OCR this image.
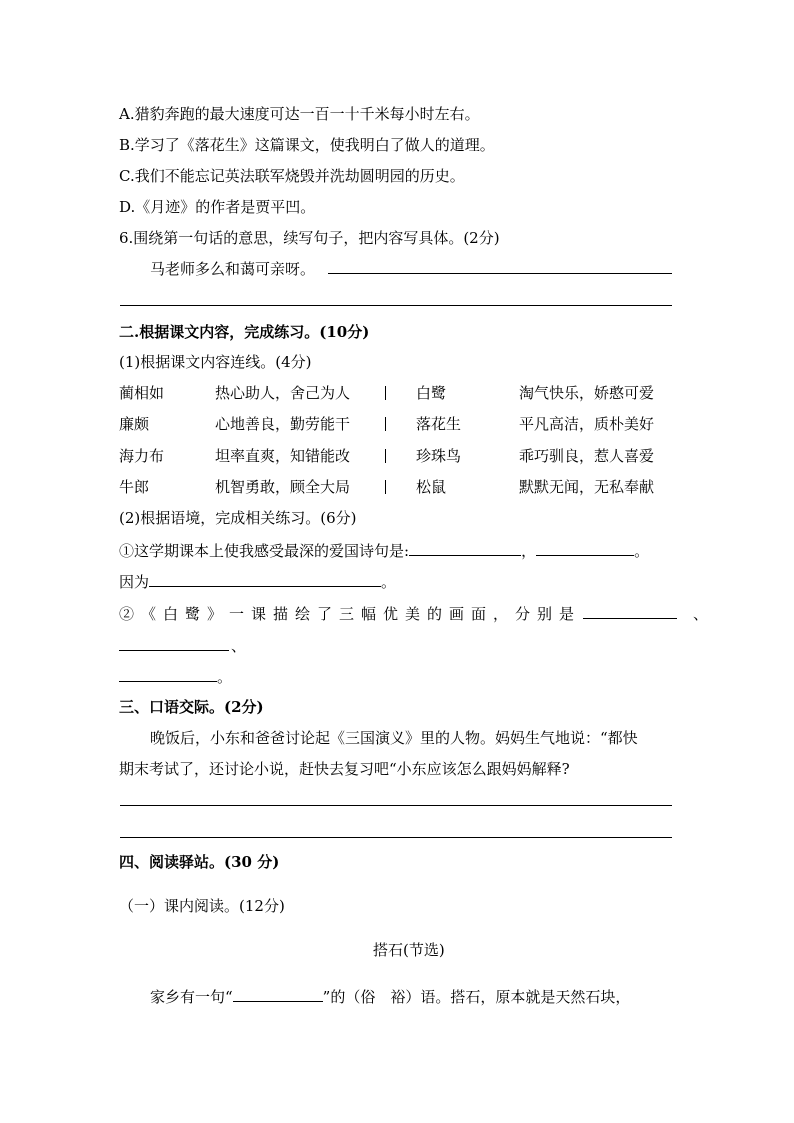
A.猎豹奔跑的最大速度可达一百一十千米每小时左右。
B.学习了《落花生》这篇课文，使我明白了做人的道理。
C.我们不能忘记英法联军烧毁并洗劫圆明园的历史。
D.《月迹》的作者是贾平凹。
6.围绕第一句话的意思，续写句子，把内容写具体。(2分)
马老师多么和蔼可亲呀。
二.根据课文内容，完成练习。(10分)
(1)根据课文内容连线。(4分)
蔺相如	热心助人，舍己为人	白鹭	淘气快乐，娇憨可爱
廉颇	心地善良，勤劳能干	落花生	平凡高洁，质朴美好
海力布	坦率直爽，知错能改	珍珠鸟	乖巧驯良，惹人喜爱
牛郎	机智勇敢，顾全大局	松鼠	默默无闻，无私奉献
(2)根据语境，完成相关练习。(6分)
①这学期课本上使我感受最深的爱国诗句是:	，	。
因为	。
②《白鹭》一课描绘了三幅优美的画面，分别是	、
、
。
三、口语交际。(2分)
晚饭后，小东和爸爸讨论起《三国演义》里的人物。妈妈生气地说：“都快
期末考试了，还讨论小说，赶快去复习吧“小东应该怎么跟妈妈解释?
四、阅读驿站。(30 分)
（一）课内阅读。(12分)
搭石(节选)
家乡有一句“	”的（俗　裕）语。搭石，原本就是天然石块，
